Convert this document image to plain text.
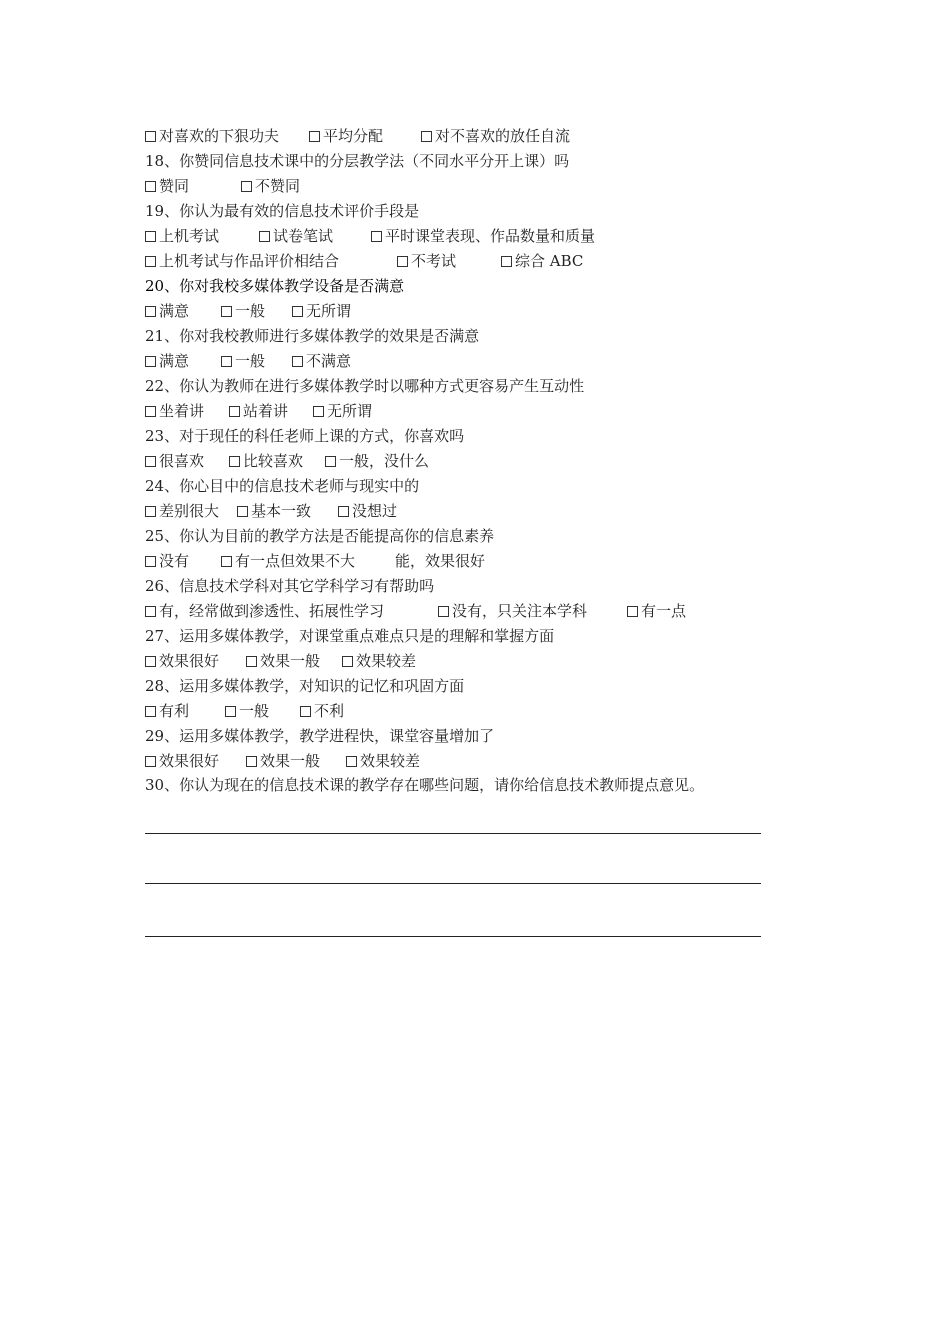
对喜欢的下狠功夫	平均分配	对不喜欢的放任自流
18、你赞同信息技术课中的分层教学法（不同水平分开上课）吗
赞同	不赞同
19、你认为最有效的信息技术评价手段是
上机考试	试卷笔试	平时课堂表现、作品数量和质量
上机考试与作品评价相结合	不考试	综合 ABC
20、你对我校多媒体教学设备是否满意
满意	一般	无所谓
21、你对我校教师进行多媒体教学的效果是否满意
满意	一般	不满意
22、你认为教师在进行多媒体教学时以哪种方式更容易产生互动性
坐着讲	站着讲	无所谓
23、对于现任的科任老师上课的方式，你喜欢吗
很喜欢	比较喜欢	一般，没什么
24、你心目中的信息技术老师与现实中的
差别很大	基本一致	没想过
25、你认为目前的教学方法是否能提高你的信息素养
没有	有一点但效果不大	能，效果很好
26、信息技术学科对其它学科学习有帮助吗
有，经常做到渗透性、拓展性学习	没有，只关注本学科	有一点
27、运用多媒体教学，对课堂重点难点只是的理解和掌握方面
效果很好	效果一般	效果较差
28、运用多媒体教学，对知识的记忆和巩固方面
有利	一般	不利
29、运用多媒体教学，教学进程快，课堂容量增加了
效果很好	效果一般	效果较差
30、你认为现在的信息技术课的教学存在哪些问题，请你给信息技术教师提点意见。
